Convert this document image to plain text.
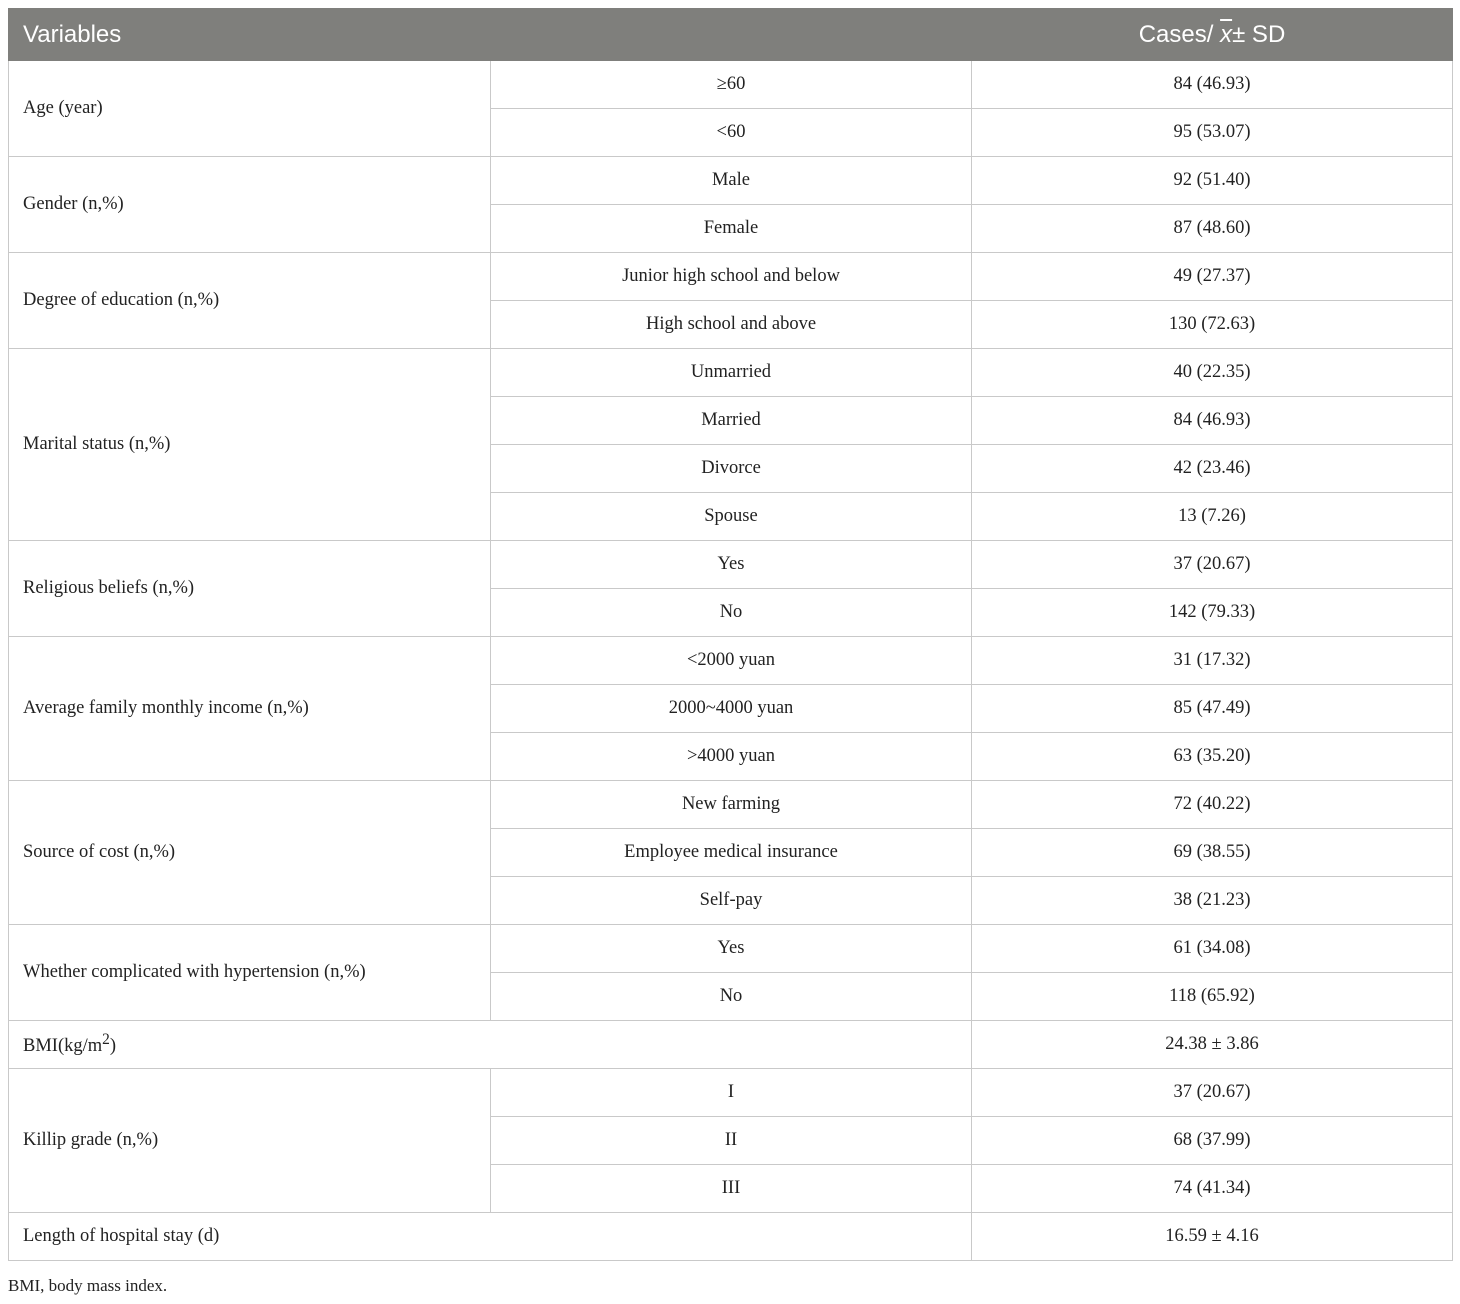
Variables		Cases/ $\overline{x}\pm$ SD
Age (year)	≥60	84 (46.93)
	<60	95 (53.07)
Gender (n,%)	Male	92 (51.40)
	Female	87 (48.60)
Degree of education (n,%)	Junior high school and below	49 (27.37)
	High school and above	130 (72.63)
Marital status (n,%)	Unmarried	40 (22.35)
	Married	84 (46.93)
	Divorce	42 (23.46)
	Spouse	13 (7.26)
Religious beliefs (n,%)	Yes	37 (20.67)
	No	142 (79.33)
Average family monthly income (n,%)	<2000 yuan	31 (17.32)
	2000~4000 yuan	85 (47.49)
	>4000 yuan	63 (35.20)
Source of cost (n,%)	New farming	72 (40.22)
	Employee medical insurance	69 (38.55)
	Self-pay	38 (21.23)
Whether complicated with hypertension (n,%)	Yes	61 (34.08)
	No	118 (65.92)
$BMI(kg/m^2)$		24.38 ± 3.86
Killip grade (n,%)	I	37 (20.67)
	II	68 (37.99)
	III	74 (41.34)
Length of hospital stay (d)		16.59 ± 4.16
BMI, body mass index.
